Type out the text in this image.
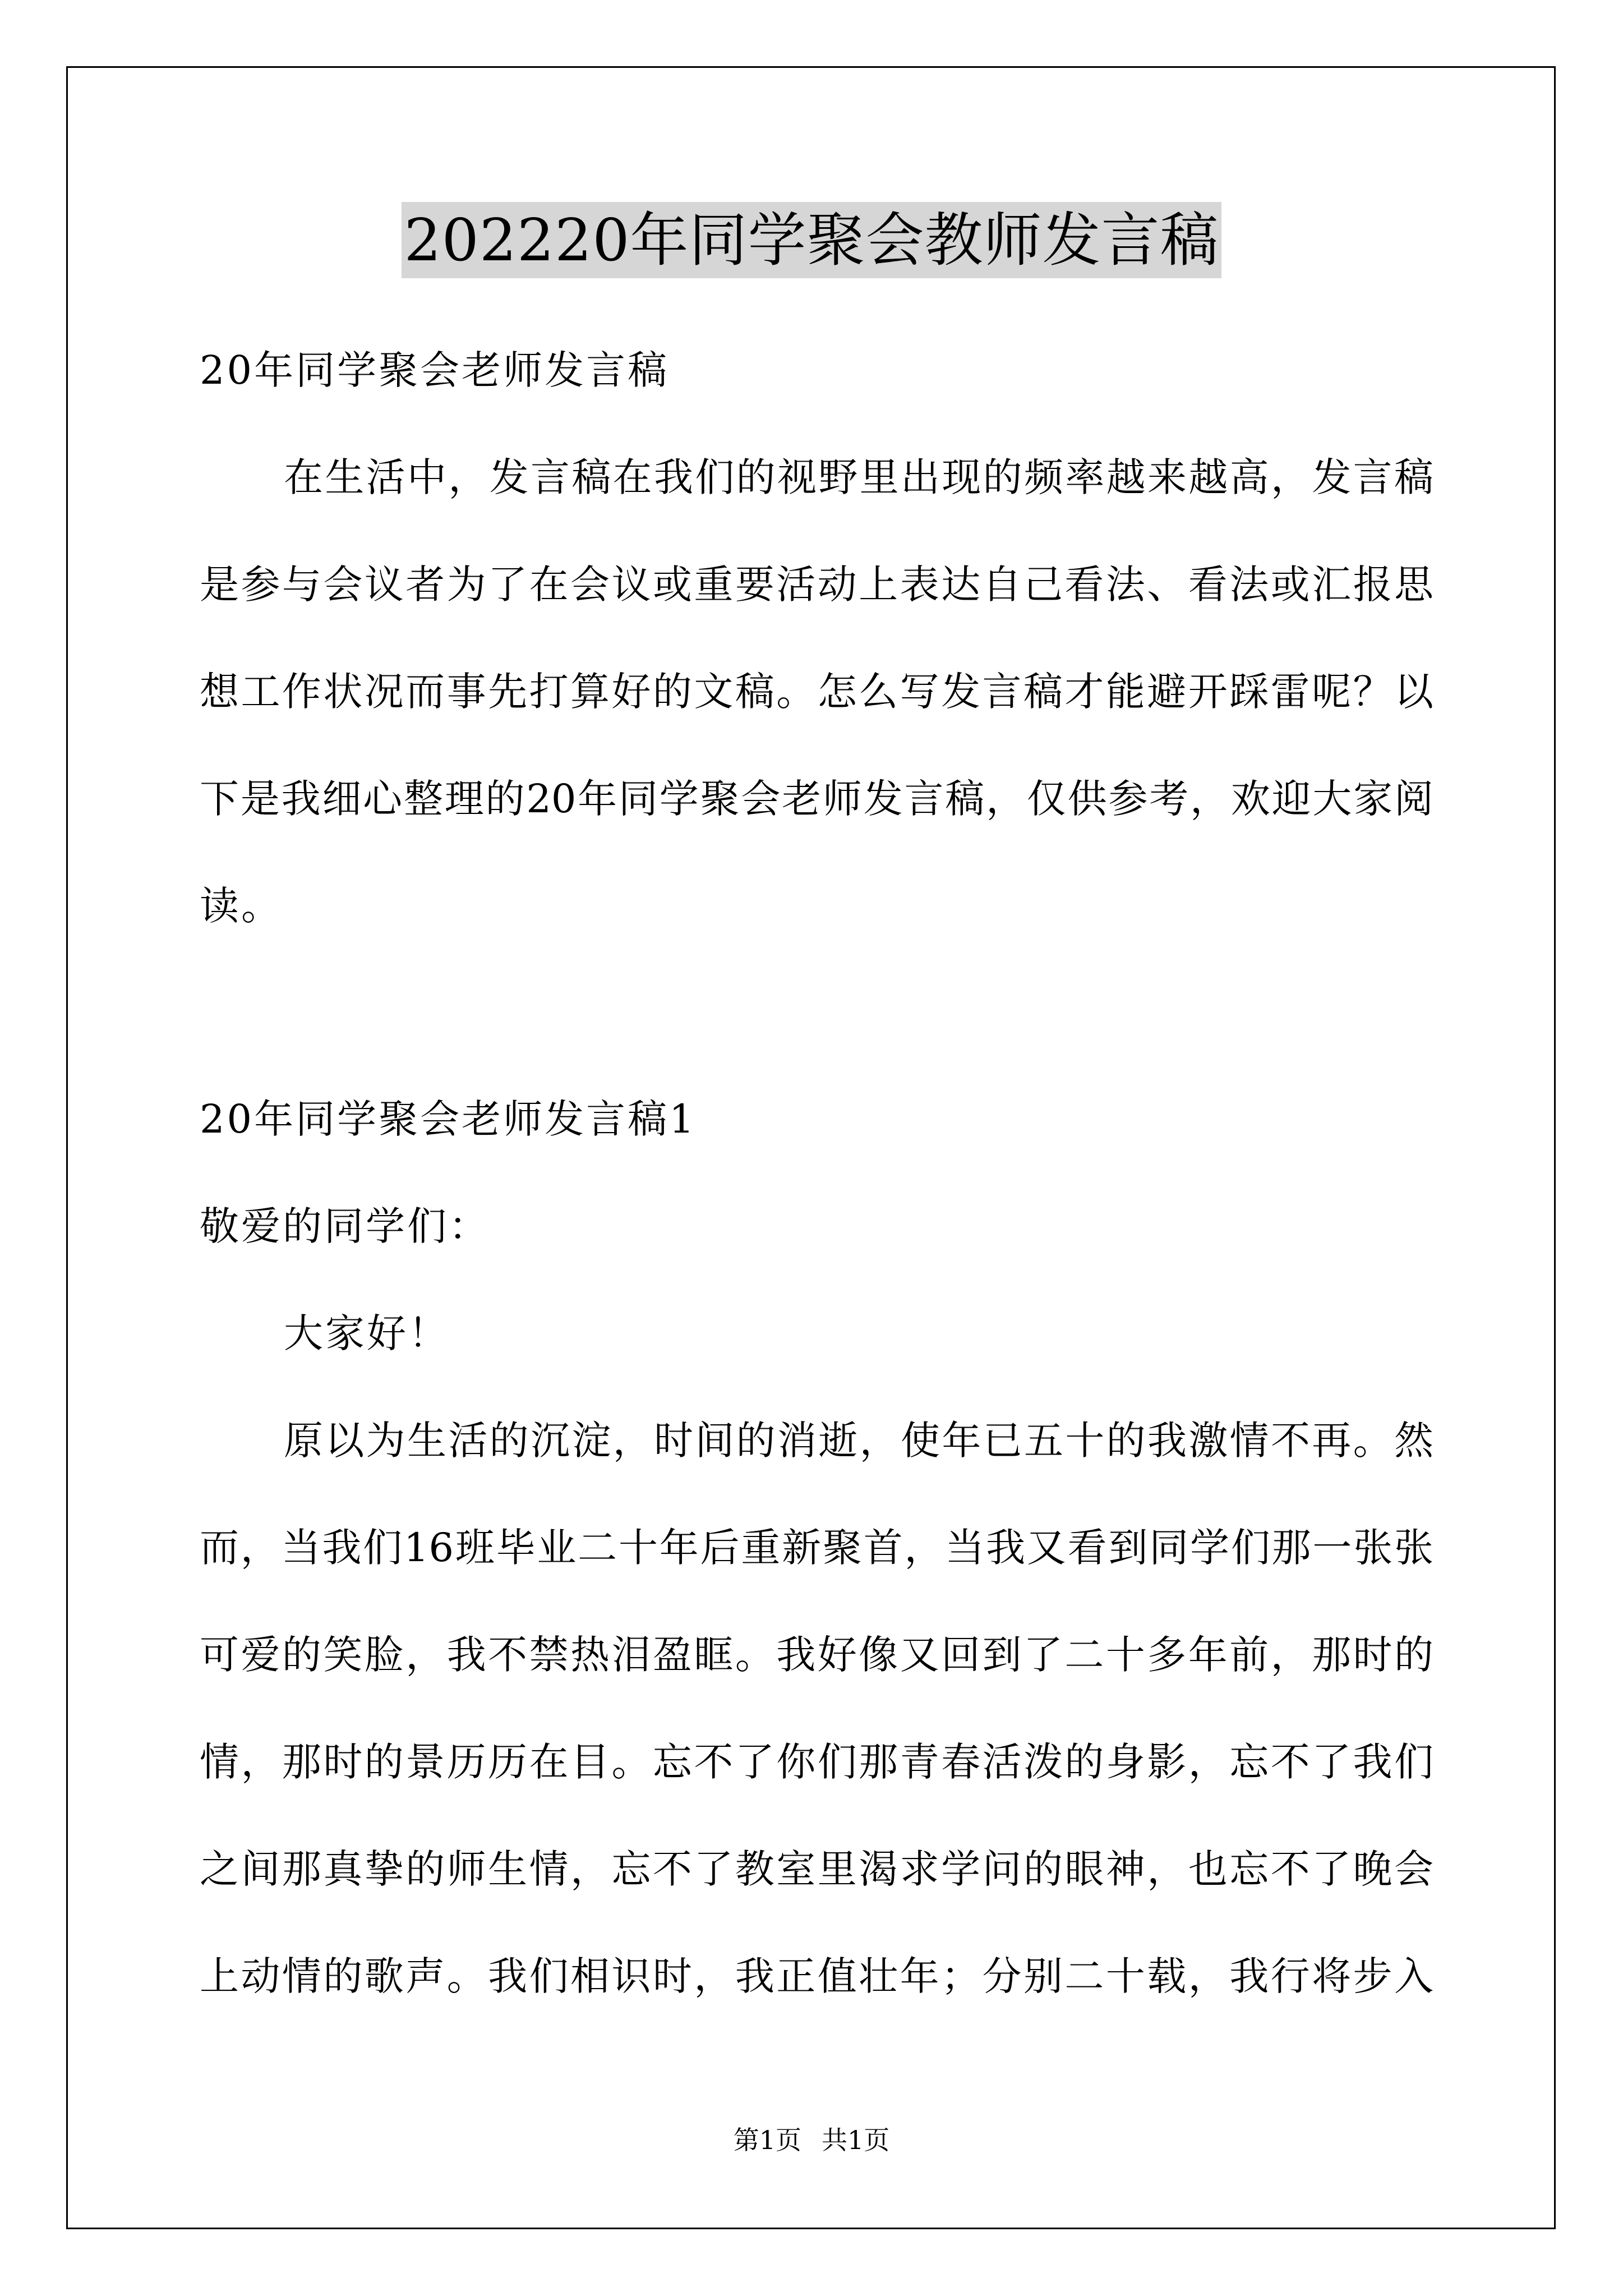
202220年同学聚会教师发言稿
20年同学聚会老师发言稿
在生活中，发言稿在我们的视野里出现的频率越来越高，发言稿
是参与会议者为了在会议或重要活动上表达自己看法、看法或汇报思
想工作状况而事先打算好的文稿。怎么写发言稿才能避开踩雷呢？以
下是我细心整理的20年同学聚会老师发言稿，仅供参考，欢迎大家阅
读。
20年同学聚会老师发言稿1
敬爱的同学们：
大家好！
原以为生活的沉淀，时间的消逝，使年已五十的我激情不再。然
而，当我们16班毕业二十年后重新聚首，当我又看到同学们那一张张
可爱的笑脸，我不禁热泪盈眶。我好像又回到了二十多年前，那时的
情，那时的景历历在目。忘不了你们那青春活泼的身影，忘不了我们
之间那真挚的师生情，忘不了教室里渴求学问的眼神，也忘不了晚会
上动情的歌声。我们相识时，我正值壮年；分别二十载，我行将步入
第1页 共1页
